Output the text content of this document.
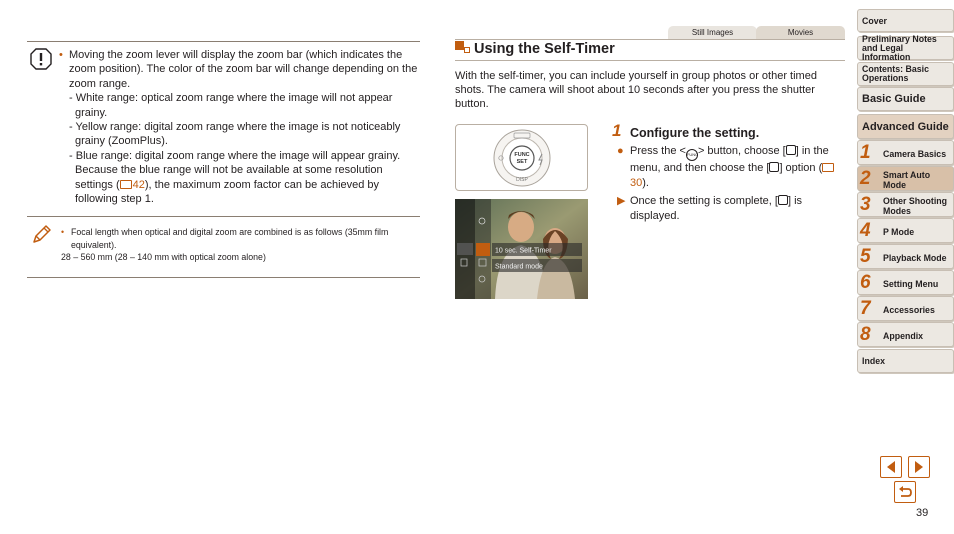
• Moving the zoom lever will display the zoom bar (which indicates the zoom position). The color of the zoom bar will change depending on the zoom range.
- White range: optical zoom range where the image will not appear grainy.
- Yellow range: digital zoom range where the image is not noticeably grainy (ZoomPlus).
- Blue range: digital zoom range where the image will appear grainy. Because the blue range will not be available at some resolution settings ( 42), the maximum zoom factor can be achieved by following step 1.
• Focal length when optical and digital zoom are combined is as follows (35mm film equivalent).
28 – 560 mm (28 – 140 mm with optical zoom alone)
Still Images	Movies
Using the Self-Timer
With the self-timer, you can include yourself in group photos or other timed shots. The camera will shoot about 10 seconds after you press the shutter button.
FUNC
SET
DISP
10 sec. Self-Timer
Standard mode
1 Configure the setting.
● Press the <FUNC> button, choose [ ] in the menu, and then choose the [ ] option (30).
▶ Once the setting is complete, [ ] is displayed.
Cover
Preliminary Notes and Legal Information
Contents: Basic Operations
Basic Guide
Advanced Guide
1 Camera Basics
2 Smart Auto Mode
3 Other Shooting Modes
4 P Mode
5 Playback Mode
6 Setting Menu
7 Accessories
8 Appendix
Index
39
